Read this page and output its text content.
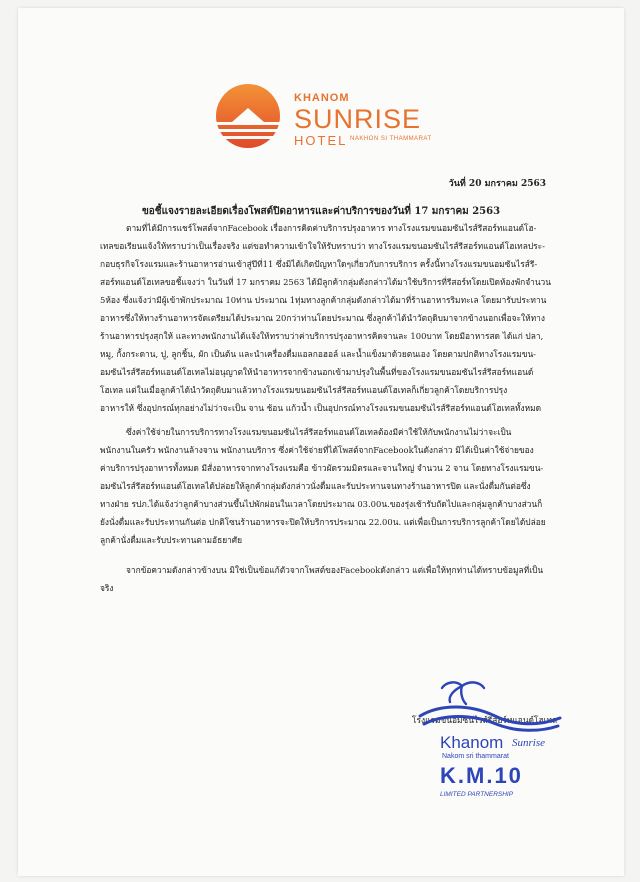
KHANOM
SUNRISE
HOTEL NAKHON SI THAMMARAT
วันที่ 20 มกราคม 2563
ขอชี้แจงรายละเอียดเรื่องโพสต์ปิดอาหารและค่าบริการของวันที่ 17 มกราคม 2563
ตามที่ได้มีการแชร์โพสต์จากFacebook เรื่องการคิดค่าบริการปรุงอาหาร ทางโรงแรมขนอมซันไรส์รีสอร์ทแอนด์โฮ-
เทลขอเรียนแจ้งให้ทราบว่าเป็นเรื่องจริง แต่ขอทำความเข้าใจให้รับทราบว่า ทางโรงแรมขนอมซันไรส์รีสอร์ทแอนด์โฮเทลประ-
กอบธุรกิจโรงแรมและร้านอาหารอ่านเข้าสู่ปีที่11 ซึ่งมิได้เกิดปัญหาใดๆเกี่ยวกับการบริการ ครั้งนี้ทางโรงแรมขนอมซันไรส์รี-
สอร์ทแอนด์โฮเทลขอชี้แจงว่า ในวันที่ 17 มกราคม 2563 ได้มีลูกค้ากลุ่มดังกล่าวได้มาใช้บริการที่รีสอร์ทโดยเปิดห้องพักจำนวน
5ห้อง ซึ่งแจ้งว่ามีผู้เข้าพักประมาณ 10ท่าน ประมาณ 1ทุ่มทางลูกค้ากลุ่มดังกล่าวได้มาที่ร้านอาหารริมทะเล โดยมารับประทาน
อาหารซึ่งให้ทางร้านอาหารจัดเตรียมได้ประมาณ 20กว่าท่านโดยประมาณ ซึ่งลูกค้าได้นำวัตถุดิบมาจากข้างนอกเพื่อจะให้ทาง
ร้านอาหารปรุงสุกให้ และทางพนักงานได้แจ้งให้ทราบว่าค่าบริการปรุงอาหารคิดจานละ 100บาท โดยมีอาหารสด ได้แก่ ปลา,
หมู, กั้งกระดาน, ปู, ลูกชิ้น, ผัก เป็นต้น และนำเครื่องดื่มแอลกอฮอล์ และน้ำแข็งมาด้วยตนเอง โดยตามปกติทางโรงแรมขน-
อมซันไรส์รีสอร์ทแอนด์โฮเทลไม่อนุญาตให้นำอาหารจากข้างนอกเข้ามาปรุงในพื้นที่ของโรงแรมขนอมซันไรส์รีสอร์ทแอนด์
โฮเทล แต่ในเมื่อลูกค้าได้นำวัตถุดิบมาแล้วทางโรงแรมขนอมซันไรส์รีสอร์ทแอนด์โฮเทลก็เกี่ยวลูกค้าโดยบริการปรุง
อาหารให้ ซึ่งอุปกรณ์ทุกอย่างไม่ว่าจะเป็น จาน ช้อน แก้วน้ำ เป็นอุปกรณ์ทางโรงแรมขนอมซันไรส์รีสอร์ทแอนด์โฮเทลทั้งหมด
ซึ่งค่าใช้จ่ายในการบริการทางโรงแรมขนอมซันไรส์รีสอร์ทแอนด์โฮเทลต้องมีค่าใช้ให้กับพนักงานไม่ว่าจะเป็น
พนักงานในครัว พนักงานล้างจาน พนักงานบริการ ซึ่งค่าใช้จ่ายที่ได้โพสต์จากFacebookในดังกล่าว มิได้เป็นค่าใช้จ่ายของ
ค่าบริการปรุงอาหารทั้งหมด มีสั่งอาหารจากทางโรงแรมคือ ข้าวผัดรวมมิตรและจานใหญ่ จำนวน 2 จาน โดยทางโรงแรมขน-
อมซันไรส์รีสอร์ทแอนด์โฮเทลได้ปล่อยให้ลูกค้ากลุ่มดังกล่าวนั่งดื่มและรับประทานจนทางร้านอาหารปิด และนั่งดื่มกันต่อซึ่ง
ทางฝ่าย รปภ.ได้แจ้งว่าลูกค้าบางส่วนขึ้นไปพักผ่อนในเวลาโดยประมาณ 03.00น.ของรุ่งเช้ารับถัดไปและกลุ่มลูกค้าบางส่วนก็
ยังนั่งดื่มและรับประทานกันต่อ ปกติโซนร้านอาหารจะปิดให้บริการประมาณ 22.00น. แต่เพื่อเป็นการบริการลูกค้าโดยได้ปล่อย
ลูกค้านั่งดื่มและรับประทานตามอัธยาศัย
จากข้อความดังกล่าวข้างบน มิใช่เป็นข้อแก้ตัวจากโพสต์ของFacebookดังกล่าว แต่เพื่อให้ทุกท่านได้ทราบข้อมูลที่เป็น
จริง
โรงแรมขนอมซันไรส์รีสอร์ทแอนด์โฮเทล
Khanom Sunrise
Nakom sri thammarat
K.M.10
LIMITED PARTNERSHIP
